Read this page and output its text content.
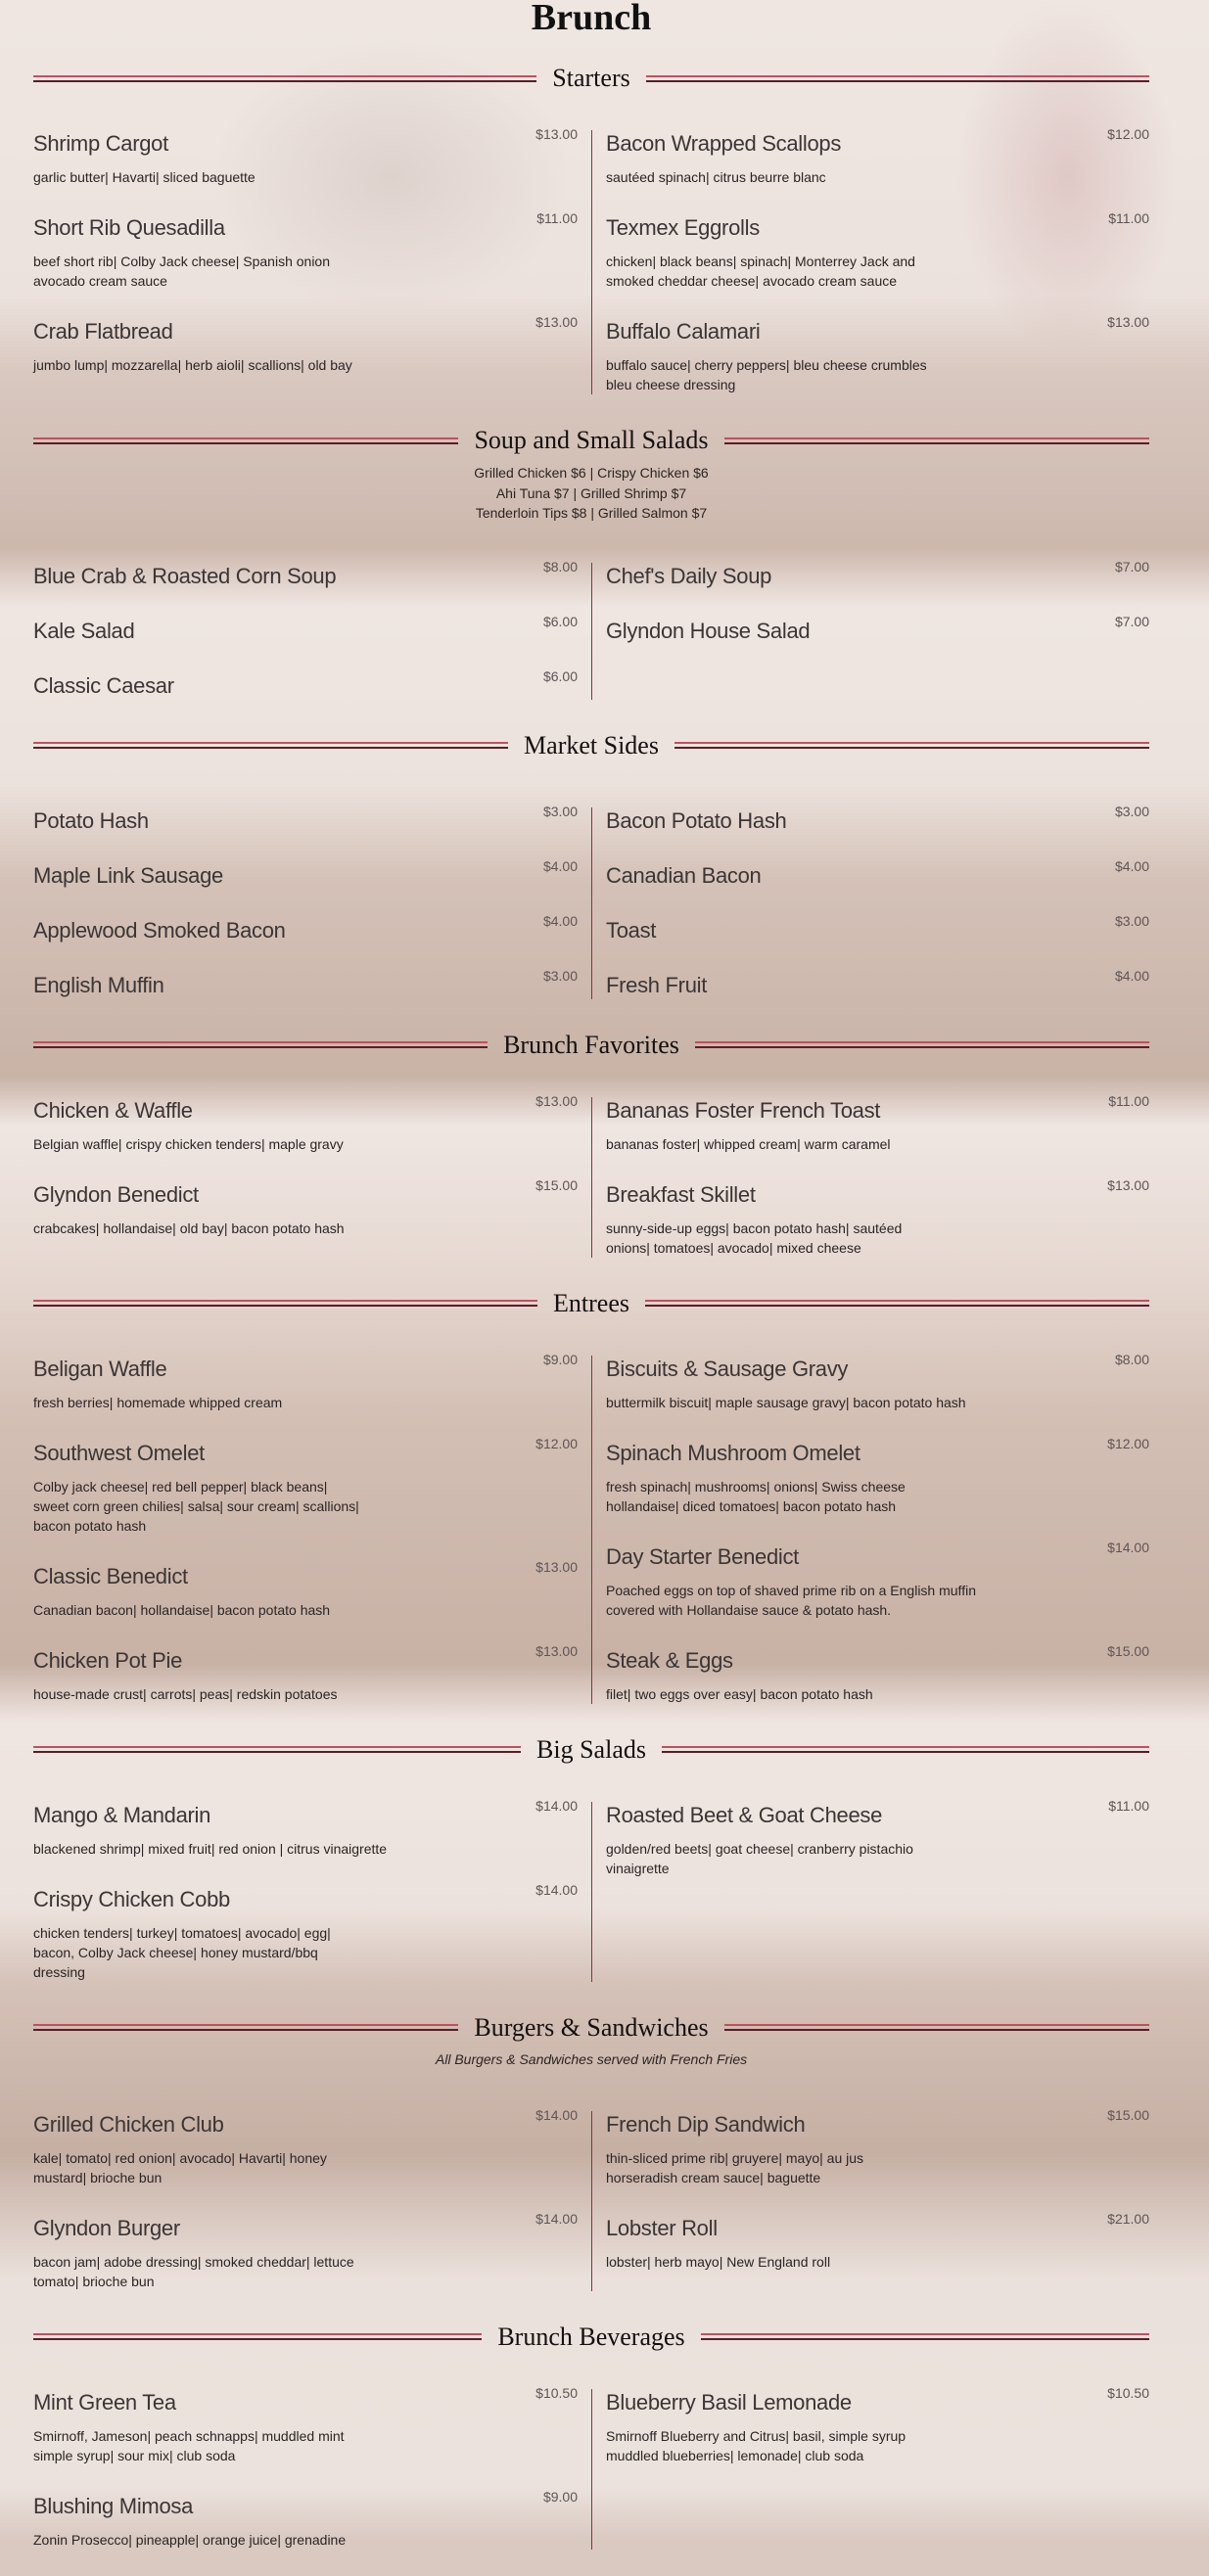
Brunch
Starters
Shrimp Cargot	$13.00
garlic butter| Havarti| sliced baguette
Short Rib Quesadilla	$11.00
beef short rib| Colby Jack cheese| Spanish onion avocado cream sauce
Crab Flatbread	$13.00
jumbo lump| mozzarella| herb aioli| scallions| old bay
Bacon Wrapped Scallops	$12.00
sautéed spinach| citrus beurre blanc
Texmex Eggrolls	$11.00
chicken| black beans| spinach| Monterrey Jack and smoked cheddar cheese| avocado cream sauce
Buffalo Calamari	$13.00
buffalo sauce| cherry peppers| bleu cheese crumbles bleu cheese dressing
Soup and Small Salads
Grilled Chicken $6 | Crispy Chicken $6
Ahi Tuna $7 | Grilled Shrimp $7
Tenderloin Tips $8 | Grilled Salmon $7
Blue Crab & Roasted Corn Soup	$8.00
Kale Salad	$6.00
Classic Caesar	$6.00
Chef's Daily Soup	$7.00
Glyndon House Salad	$7.00
Market Sides
Potato Hash	$3.00
Maple Link Sausage	$4.00
Applewood Smoked Bacon	$4.00
English Muffin	$3.00
Bacon Potato Hash	$3.00
Canadian Bacon	$4.00
Toast	$3.00
Fresh Fruit	$4.00
Brunch Favorites
Chicken & Waffle	$13.00
Belgian waffle| crispy chicken tenders| maple gravy
Glyndon Benedict	$15.00
crabcakes| hollandaise| old bay| bacon potato hash
Bananas Foster French Toast	$11.00
bananas foster| whipped cream| warm caramel
Breakfast Skillet	$13.00
sunny-side-up eggs| bacon potato hash| sautéed onions| tomatoes| avocado| mixed cheese
Entrees
Beligan Waffle	$9.00
fresh berries| homemade whipped cream
Southwest Omelet	$12.00
Colby jack cheese| red bell pepper| black beans| sweet corn green chilies| salsa| sour cream| scallions| bacon potato hash
Classic Benedict	$13.00
Canadian bacon| hollandaise| bacon potato hash
Chicken Pot Pie	$13.00
house-made crust| carrots| peas| redskin potatoes
Biscuits & Sausage Gravy	$8.00
buttermilk biscuit| maple sausage gravy| bacon potato hash
Spinach Mushroom Omelet	$12.00
fresh spinach| mushrooms| onions| Swiss cheese hollandaise| diced tomatoes| bacon potato hash
Day Starter Benedict	$14.00
Poached eggs on top of shaved prime rib on a English muffin covered with Hollandaise sauce & potato hash.
Steak & Eggs	$15.00
filet| two eggs over easy| bacon potato hash
Big Salads
Mango & Mandarin	$14.00
blackened shrimp| mixed fruit| red onion | citrus vinaigrette
Crispy Chicken Cobb	$14.00
chicken tenders| turkey| tomatoes| avocado| egg| bacon, Colby Jack cheese| honey mustard/bbq dressing
Roasted Beet & Goat Cheese	$11.00
golden/red beets| goat cheese| cranberry pistachio vinaigrette
Burgers & Sandwiches
All Burgers & Sandwiches served with French Fries
Grilled Chicken Club	$14.00
kale| tomato| red onion| avocado| Havarti| honey mustard| brioche bun
Glyndon Burger	$14.00
bacon jam| adobe dressing| smoked cheddar| lettuce tomato| brioche bun
French Dip Sandwich	$15.00
thin-sliced prime rib| gruyere| mayo| au jus horseradish cream sauce| baguette
Lobster Roll	$21.00
lobster| herb mayo| New England roll
Brunch Beverages
Mint Green Tea	$10.50
Smirnoff, Jameson| peach schnapps| muddled mint simple syrup| sour mix| club soda
Blushing Mimosa	$9.00
Zonin Prosecco| pineapple| orange juice| grenadine
Blueberry Basil Lemonade	$10.50
Smirnoff Blueberry and Citrus| basil, simple syrup muddled blueberries| lemonade| club soda
